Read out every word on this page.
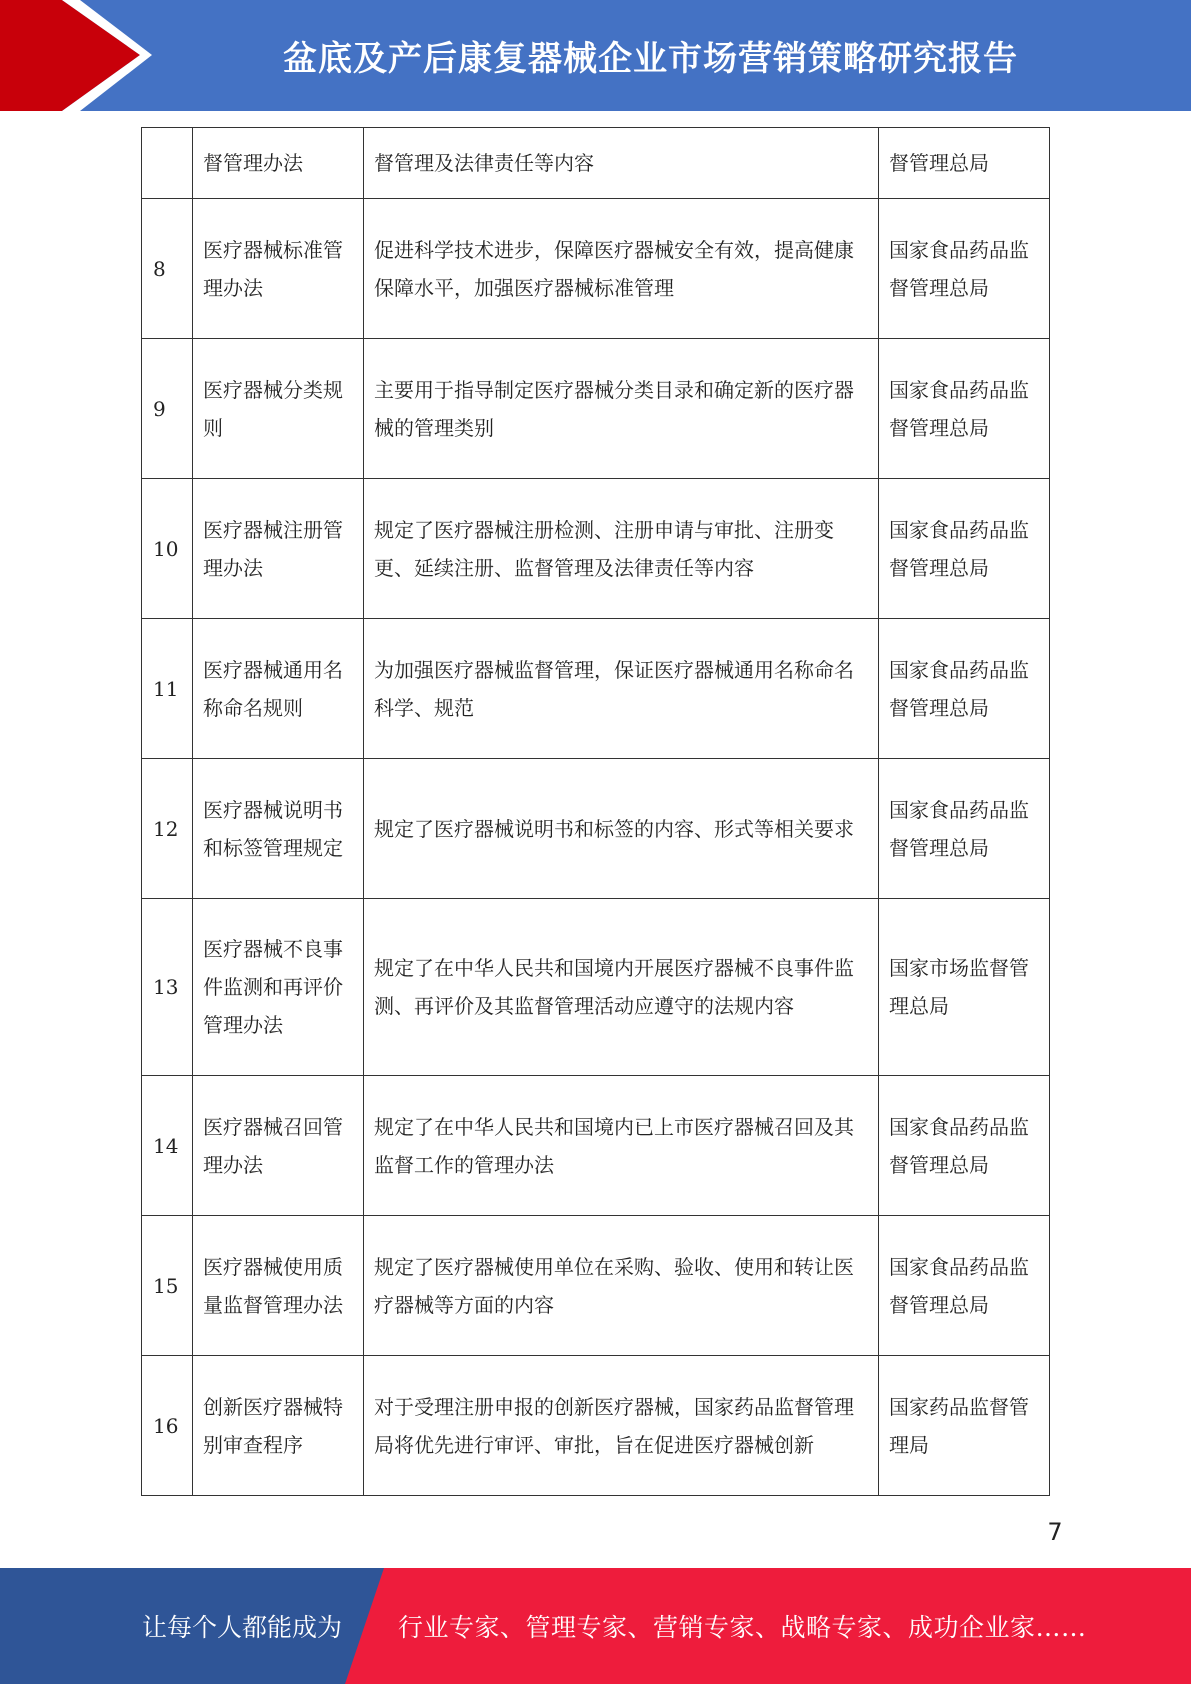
盆底及产后康复器械企业市场营销策略研究报告
	督管理办法	督管理及法律责任等内容	督管理总局
8	医疗器械标准管理办法	促进科学技术进步，保障医疗器械安全有效，提高健康保障水平，加强医疗器械标准管理	国家食品药品监督管理总局
9	医疗器械分类规则	主要用于指导制定医疗器械分类目录和确定新的医疗器械的管理类别	国家食品药品监督管理总局
10	医疗器械注册管理办法	规定了医疗器械注册检测、注册申请与审批、注册变更、延续注册、监督管理及法律责任等内容	国家食品药品监督管理总局
11	医疗器械通用名称命名规则	为加强医疗器械监督管理，保证医疗器械通用名称命名科学、规范	国家食品药品监督管理总局
12	医疗器械说明书和标签管理规定	规定了医疗器械说明书和标签的内容、形式等相关要求	国家食品药品监督管理总局
13	医疗器械不良事件监测和再评价管理办法	规定了在中华人民共和国境内开展医疗器械不良事件监测、再评价及其监督管理活动应遵守的法规内容	国家市场监督管理总局
14	医疗器械召回管理办法	规定了在中华人民共和国境内已上市医疗器械召回及其监督工作的管理办法	国家食品药品监督管理总局
15	医疗器械使用质量监督管理办法	规定了医疗器械使用单位在采购、验收、使用和转让医疗器械等方面的内容	国家食品药品监督管理总局
16	创新医疗器械特别审查程序	对于受理注册申报的创新医疗器械，国家药品监督管理局将优先进行审评、审批，旨在促进医疗器械创新	国家药品监督管理局
7
让每个人都能成为 行业专家、管理专家、营销专家、战略专家、成功企业家……
